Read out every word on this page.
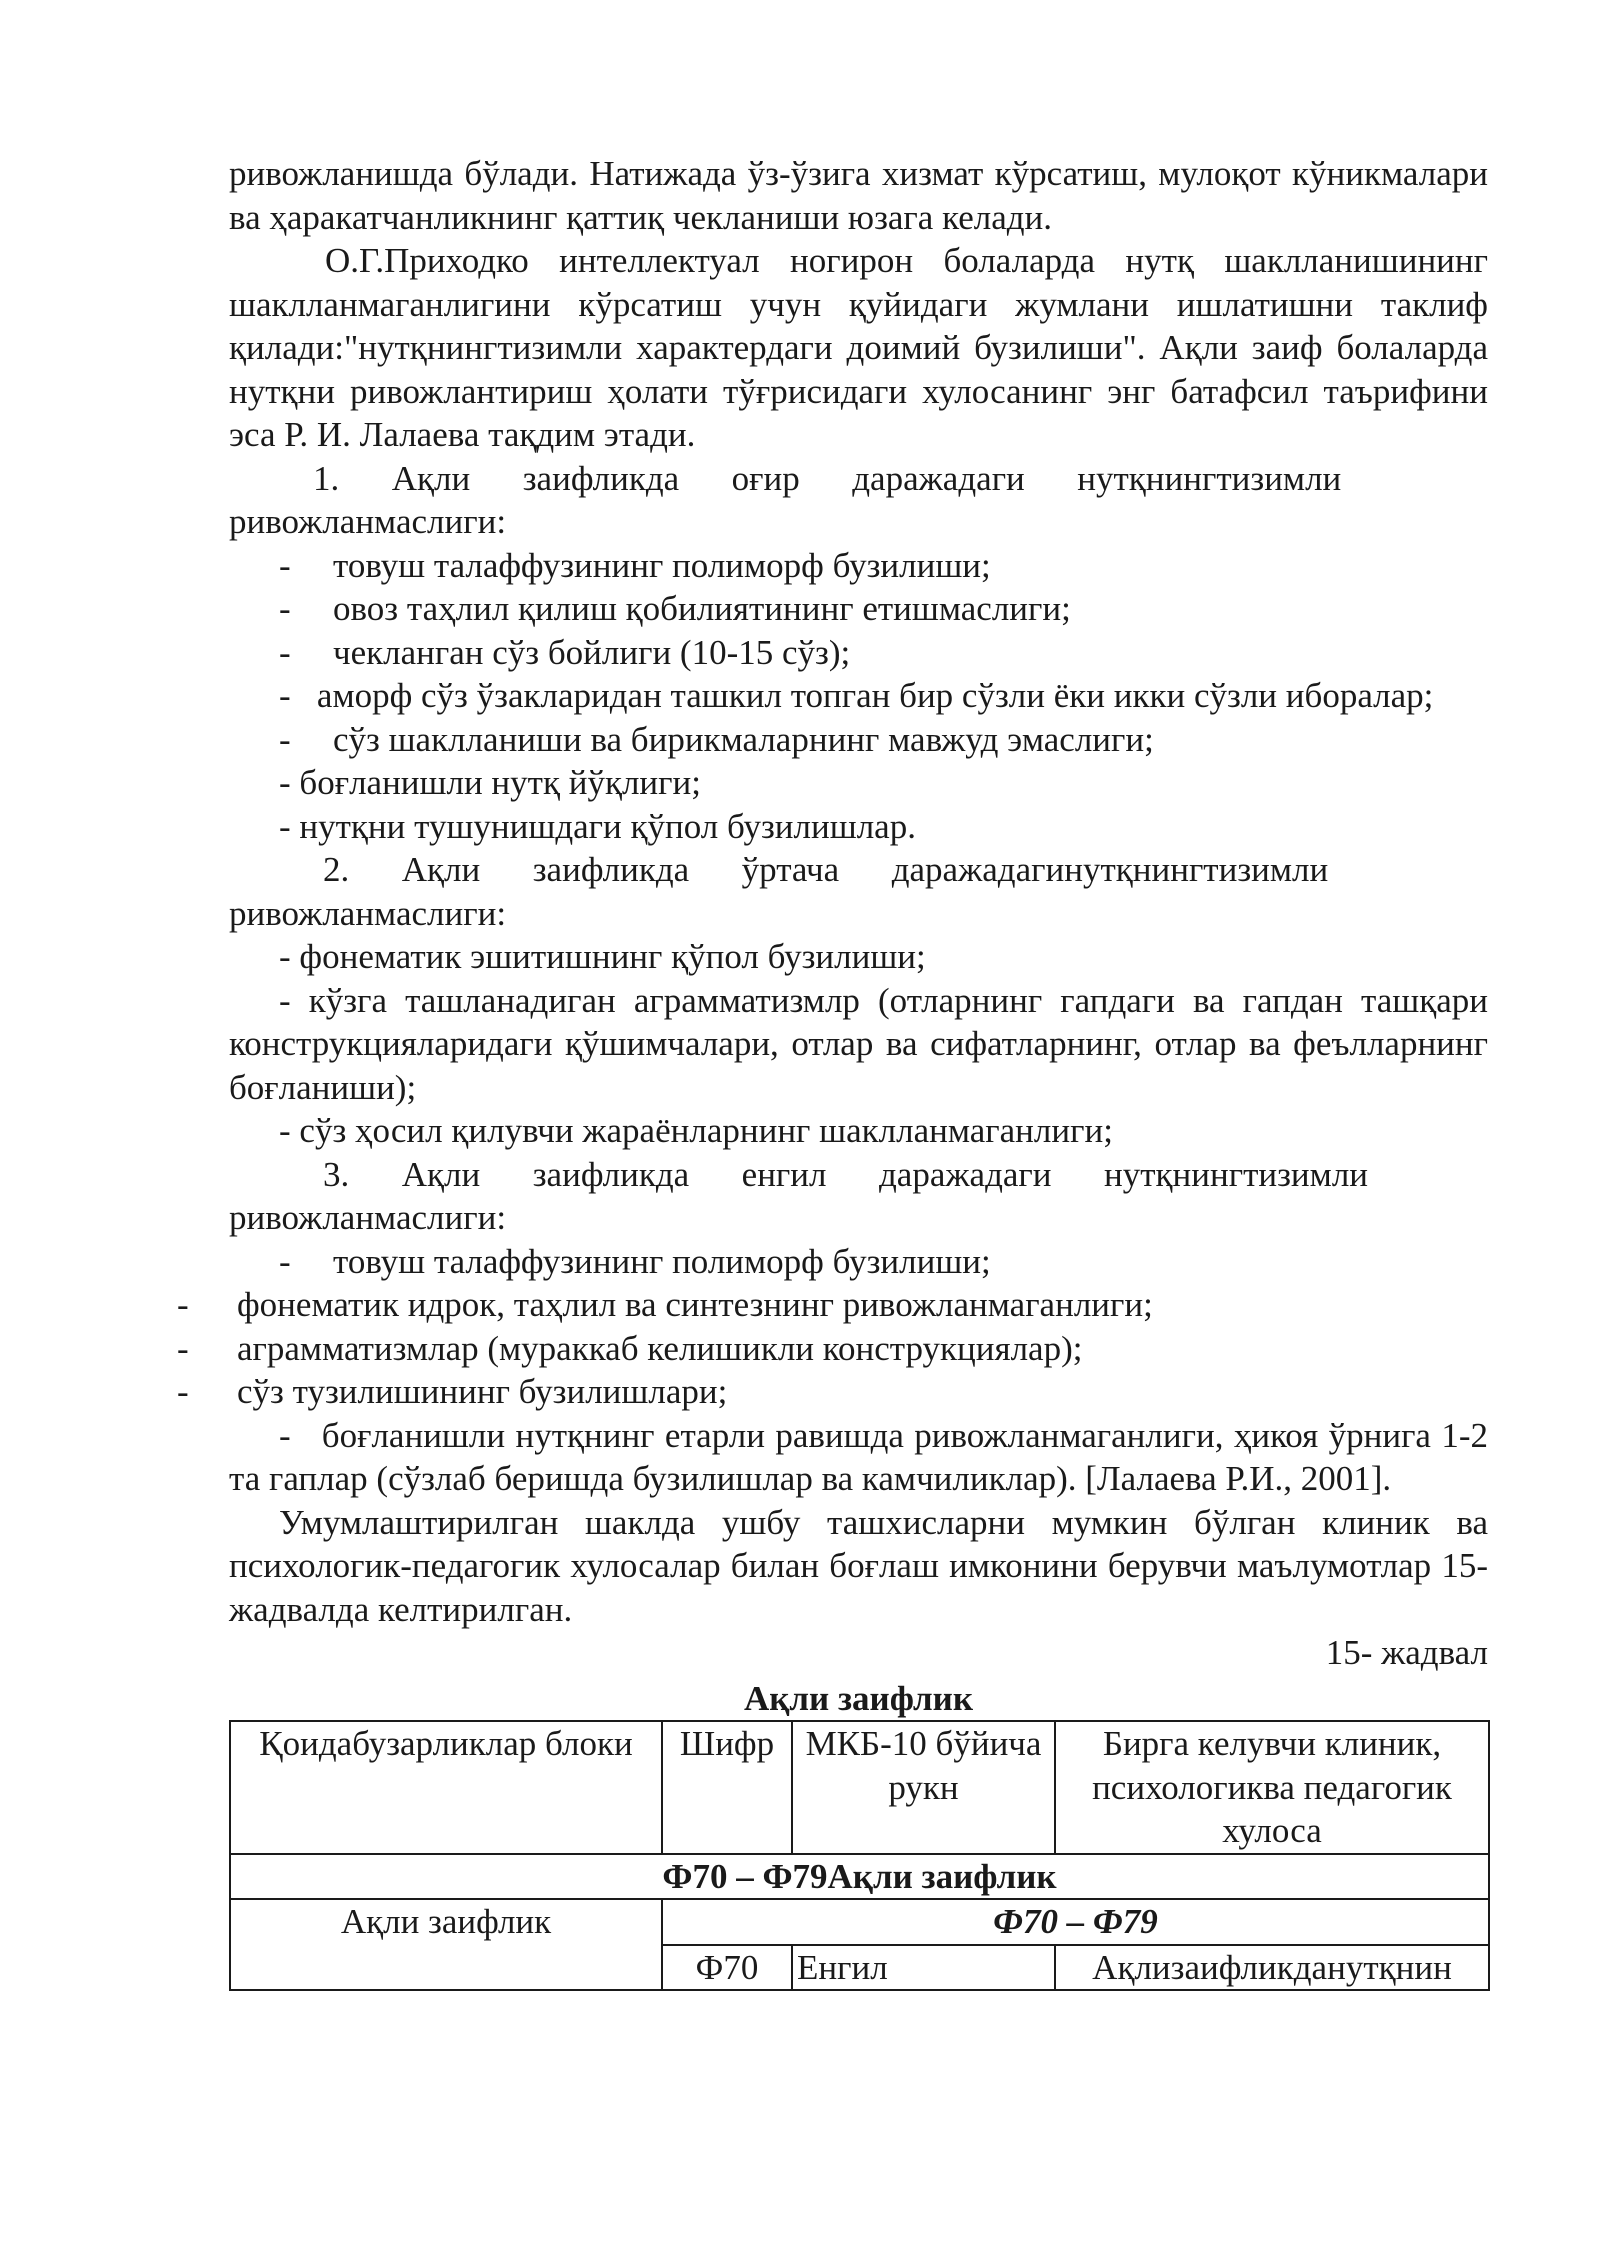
ривожланишда бўлади. Натижада ўз-ўзига хизмат кўрсатиш, мулоқот кўникмалари ва ҳаракатчанликнинг қаттиқ чекланиши юзага келади.

О.Г.Приходко интеллектуал ногирон болаларда нутқ шаклланишининг шаклланмаганлигини кўрсатиш учун қуйидаги жумлани ишлатишни таклиф қилади:"нутқнингтизимли характердаги доимий бузилиши". Ақли заиф болаларда нутқни ривожлантириш ҳолати тўғрисидаги хулосанинг энг батафсил таърифини эса Р. И. Лалаева тақдим этади.

1.      Ақли      заифликда      оғир      даражадаги      нутқнингтизимли

ривожланмаслиги:

- товуш талаффузининг полиморф бузилиши;

- овоз таҳлил қилиш қобилиятининг етишмаслиги;

- чекланган сўз бойлиги (10-15 сўз);

-   аморф сўз ўзакларидан ташкил топган бир сўзли ёки икки сўзли иборалар;

- сўз шаклланиши ва бирикмаларнинг мавжуд эмаслиги;

- боғланишли нутқ йўқлиги;

- нутқни тушунишдаги қўпол бузилишлар.

2.      Ақли      заифликда      ўртача      даражадагинутқнингтизимли

ривожланмаслиги:

- фонематик эшитишнинг қўпол бузилиши;

- кўзга ташланадиган аграмматизмлр (отларнинг гапдаги ва гапдан ташқари конструкцияларидаги қўшимчалари, отлар ва сифатларнинг, отлар ва феълларнинг боғланиши);

- сўз ҳосил қилувчи жараёнларнинг шаклланмаганлиги;

3.      Ақли      заифликда      енгил      даражадаги      нутқнингтизимли

ривожланмаслиги:

- товуш талаффузининг полиморф бузилиши;

- фонематик идрок, таҳлил ва синтезнинг ривожланмаганлиги;

- аграмматизмлар (мураккаб келишикли конструкциялар);

- сўз тузилишининг бузилишлари;

-   боғланишли нутқнинг етарли равишда ривожланмаганлиги, ҳикоя ўрнига 1-2 та гаплар (сўзлаб беришда бузилишлар ва камчиликлар). [Лалаева Р.И., 2001].

Умумлаштирилган шаклда ушбу ташхисларни мумкин бўлган клиник ва психологик-педагогик хулосалар билан боғлаш имконини берувчи маълумотлар 15-жадвалда келтирилган.

15- жадвал

Ақли заифлик

Қоидабузарликлар блоки	Шифр	МКБ-10 бўйича рукн	Бирга келувчи клиник, психологиква педагогик хулоса
Ф70 – Ф79Ақли заифлик			
Ақли заифлик	Ф70 – Ф79		
	Ф70	Енгил	Ақлизаифликданутқнин
